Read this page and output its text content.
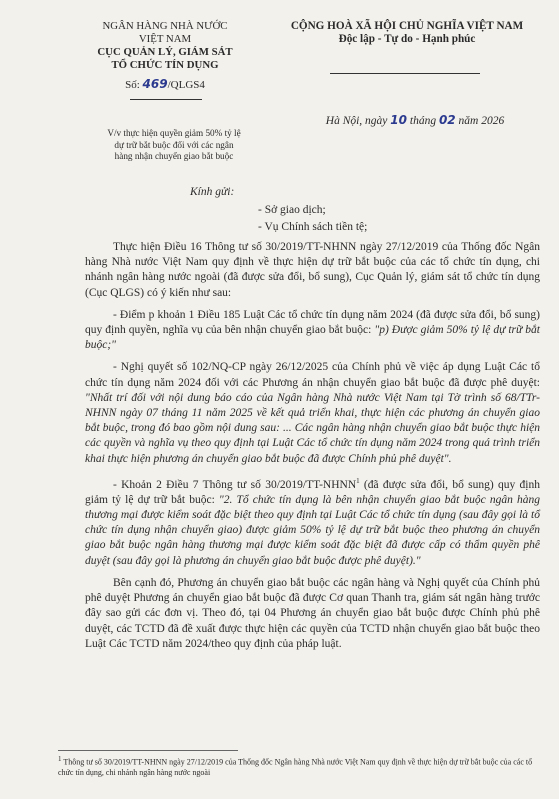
NGÂN HÀNG NHÀ NƯỚC
VIỆT NAM
CỤC QUẢN LÝ, GIÁM SÁT
TỔ CHỨC TÍN DỤNG
Số: 469/QLGS4
V/v thực hiện quyền giảm 50% tỷ lệ
dự trữ bắt buộc đối với các ngân
hàng nhận chuyển giao bắt buộc
CỘNG HOÀ XÃ HỘI CHỦ NGHĨA VIỆT NAM
Độc lập - Tự do - Hạnh phúc
Hà Nội, ngày 10 tháng 02 năm 2026
Kính gửi:
- Sở giao dịch;
- Vụ Chính sách tiền tệ;

Thực hiện Điều 16 Thông tư số 30/2019/TT-NHNN ngày 27/12/2019 của Thống đốc Ngân hàng Nhà nước Việt Nam quy định về thực hiện dự trữ bắt buộc của các tổ chức tín dụng, chi nhánh ngân hàng nước ngoài (đã được sửa đổi, bổ sung), Cục Quản lý, giám sát tổ chức tín dụng (Cục QLGS) có ý kiến như sau:

- Điểm p khoản 1 Điều 185 Luật Các tổ chức tín dụng năm 2024 (đã được sửa đổi, bổ sung) quy định quyền, nghĩa vụ của bên nhận chuyển giao bắt buộc: "p) Được giảm 50% tỷ lệ dự trữ bắt buộc;"

- Nghị quyết số 102/NQ-CP ngày 26/12/2025 của Chính phủ về việc áp dụng Luật Các tổ chức tín dụng năm 2024 đối với các Phương án nhận chuyển giao bắt buộc đã được phê duyệt: "Nhất trí đối với nội dung báo cáo của Ngân hàng Nhà nước Việt Nam tại Tờ trình số 68/TTr-NHNN ngày 07 tháng 11 năm 2025 về kết quả triển khai, thực hiện các phương án chuyển giao bắt buộc, trong đó bao gồm nội dung sau: ... Các ngân hàng nhận chuyển giao bắt buộc thực hiện các quyền và nghĩa vụ theo quy định tại Luật Các tổ chức tín dụng năm 2024 trong quá trình triển khai thực hiện phương án chuyển giao bắt buộc đã được Chính phủ phê duyệt".

- Khoản 2 Điều 7 Thông tư số 30/2019/TT-NHNN$^1$ (đã được sửa đổi, bổ sung) quy định giảm tỷ lệ dự trữ bắt buộc: "2. Tổ chức tín dụng là bên nhận chuyển giao bắt buộc ngân hàng thương mại được kiểm soát đặc biệt theo quy định tại Luật Các tổ chức tín dụng (sau đây gọi là tổ chức tín dụng nhận chuyển giao) được giảm 50% tỷ lệ dự trữ bắt buộc theo phương án chuyển giao bắt buộc ngân hàng thương mại được kiểm soát đặc biệt đã được cấp có thẩm quyền phê duyệt (sau đây gọi là phương án chuyển giao bắt buộc được phê duyệt)."

Bên cạnh đó, Phương án chuyển giao bắt buộc các ngân hàng và Nghị quyết của Chính phủ phê duyệt Phương án chuyển giao bắt buộc đã được Cơ quan Thanh tra, giám sát ngân hàng trước đây sao gửi các đơn vị. Theo đó, tại 04 Phương án chuyển giao bắt buộc được Chính phủ phê duyệt, các TCTD đã đề xuất được thực hiện các quyền của TCTD nhận chuyển giao bắt buộc theo Luật Các TCTD năm 2024/theo quy định của pháp luật.

$^1$ Thông tư số 30/2019/TT-NHNN ngày 27/12/2019 của Thống đốc Ngân hàng Nhà nước Việt Nam quy định về thực hiện dự trữ bắt buộc của các tổ chức tín dụng, chi nhánh ngân hàng nước ngoài
